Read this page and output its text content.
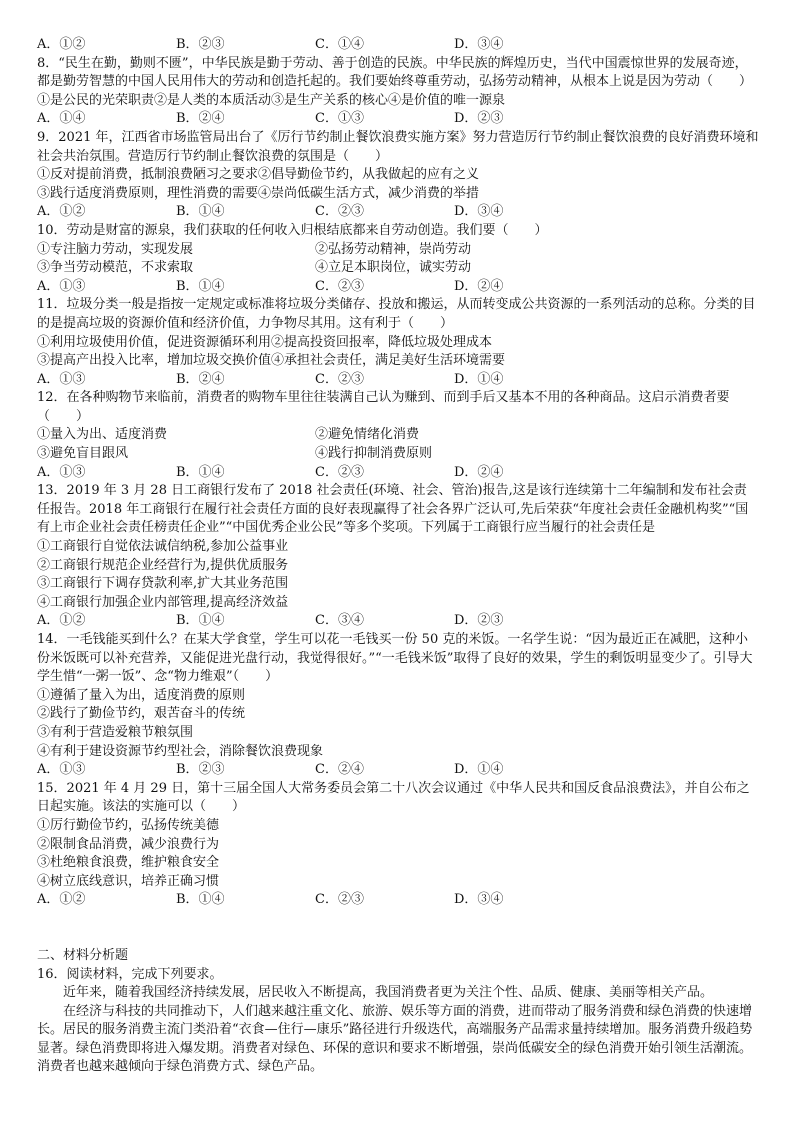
A．①②	B．②③	C．①④	D．③④

8．“民生在勤，勤则不匮”，中华民族是勤于劳动、善于创造的民族。中华民族的辉煌历史，当代中国震惊世界的发展奇迹，都是勤劳智慧的中国人民用伟大的劳动和创造托起的。我们要始终尊重劳动，弘扬劳动精神，从根本上说是因为劳动（　　）

①是公民的光荣职责②是人类的本质活动③是生产关系的核心④是价值的唯一源泉

A．①④	B．②④	C．①③	D．②③

9．2021 年，江西省市场监管局出台了《厉行节约制止餐饮浪费实施方案》努力营造厉行节约制止餐饮浪费的良好消费环境和社会共治氛围。营造厉行节约制止餐饮浪费的氛围是（　　）

①反对提前消费，抵制浪费陋习之要求②倡导勤俭节约，从我做起的应有之义

③践行适度消费原则，理性消费的需要④崇尚低碳生活方式，减少消费的举措

A．①②	B．①④	C．②③	D．③④

10．劳动是财富的源泉，我们获取的任何收入归根结底都来自劳动创造。我们要（　　）

①专注脑力劳动，实现发展	②弘扬劳动精神，崇尚劳动
③争当劳动模范，不求索取	④立足本职岗位，诚实劳动
A．①③	B．①④	C．②③	D．②④

11．垃圾分类一般是指按一定规定或标准将垃圾分类储存、投放和搬运，从而转变成公共资源的一系列活动的总称。分类的目的是提高垃圾的资源价值和经济价值，力争物尽其用。这有利于（　　）

①利用垃圾使用价值，促进资源循环利用②提高投资回报率，降低垃圾处理成本

③提高产出投入比率，增加垃圾交换价值④承担社会责任，满足美好生活环境需要

A．①③	B．②④	C．②③	D．①④

12．在各种购物节来临前，消费者的购物车里往往装满自己认为赚到、而到手后又基本不用的各种商品。这启示消费者要（　　）

①量入为出、适度消费	②避免情绪化消费
③避免盲目跟风	④践行抑制消费原则
A．①③	B．①④	C．②③	D．②④

13．2019 年 3 月 28 日工商银行发布了 2018 社会责任(环境、社会、管治)报告,这是该行连续第十二年编制和发布社会责任报告。2018 年工商银行在履行社会责任方面的良好表现赢得了社会各界广泛认可,先后荣获“年度社会责任金融机构奖”“国有上市企业社会责任榜责任企业”“中国优秀企业公民”等多个奖项。下列属于工商银行应当履行的社会责任是

①工商银行自觉依法诚信纳税,参加公益事业

②工商银行规范企业经营行为,提供优质服务

③工商银行下调存贷款利率,扩大其业务范围

④工商银行加强企业内部管理,提高经济效益

A．①②	B．①④	C．③④	D．②③

14．一毛钱能买到什么？在某大学食堂，学生可以花一毛钱买一份 50 克的米饭。一名学生说：“因为最近正在减肥，这种小份米饭既可以补充营养，又能促进光盘行动，我觉得很好。”“一毛钱米饭”取得了良好的效果，学生的剩饭明显变少了。引导大学生惜“一粥一饭”、念“物力维艰”（　　）

①遵循了量入为出，适度消费的原则

②践行了勤俭节约，艰苦奋斗的传统

③有利于营造爱粮节粮氛围

④有利于建设资源节约型社会，消除餐饮浪费现象

A．①③	B．②③	C．②④	D．①④

15．2021 年 4 月 29 日，第十三届全国人大常务委员会第二十八次会议通过《中华人民共和国反食品浪费法》，并自公布之日起实施。该法的实施可以（　　）

①厉行勤俭节约，弘扬传统美德

②限制食品消费，减少浪费行为

③杜绝粮食浪费，维护粮食安全

④树立底线意识，培养正确习惯

A．①②	B．①④	C．②③	D．③④
二、材料分析题

16．阅读材料，完成下列要求。

近年来，随着我国经济持续发展，居民收入不断提高，我国消费者更为关注个性、品质、健康、美丽等相关产品。

在经济与科技的共同推动下，人们越来越注重文化、旅游、娱乐等方面的消费，进而带动了服务消费和绿色消费的快速增长。居民的服务消费主流门类沿着“衣食—住行—康乐”路径进行升级迭代，高端服务产品需求量持续增加。服务消费升级趋势显著。绿色消费即将进入爆发期。消费者对绿色、环保的意识和要求不断增强，崇尚低碳安全的绿色消费开始引领生活潮流。消费者也越来越倾向于绿色消费方式、绿色产品。
